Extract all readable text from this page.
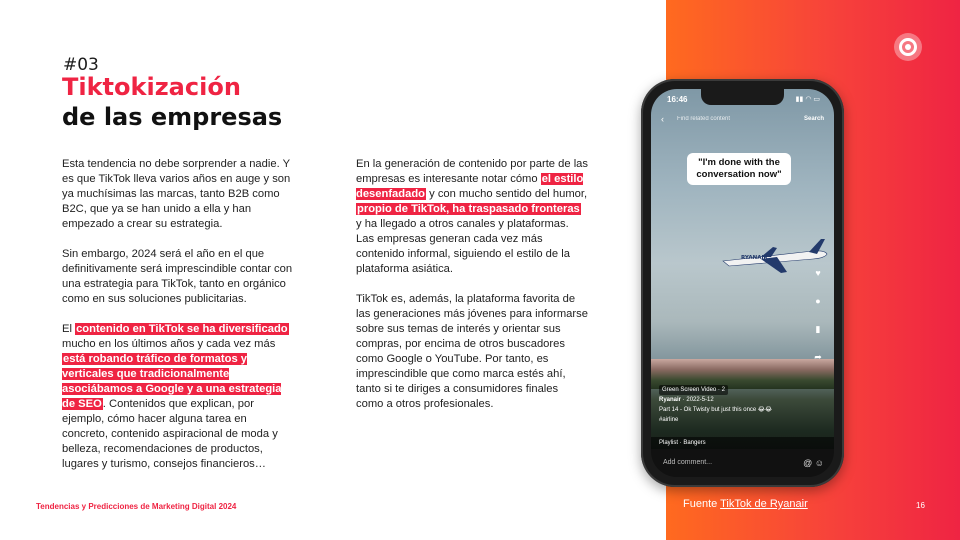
#03
Tiktokización
de las empresas

Esta tendencia no debe sorprender a nadie. Y es que TikTok lleva varios años en auge y son ya muchísimas las marcas, tanto B2B como B2C, que ya se han unido a ella y han empezado a crear su estrategia.

Sin embargo, 2024 será el año en el que definitivamente será imprescindible contar con una estrategia para TikTok, tanto en orgánico como en sus soluciones publicitarias.

El contenido en TikTok se ha diversificado mucho en los últimos años y cada vez más está robando tráfico de formatos y verticales que tradicionalmente asociábamos a Google y a una estrategia de SEO. Contenidos que explican, por ejemplo, cómo hacer alguna tarea en concreto, contenido aspiracional de moda y belleza, recomendaciones de productos, lugares y turismo, consejos financieros…

En la generación de contenido por parte de las empresas es interesante notar cómo el estilo desenfadado y con mucho sentido del humor, propio de TikTok, ha traspasado fronteras y ha llegado a otros canales y plataformas. Las empresas generan cada vez más contenido informal, siguiendo el estilo de la plataforma asiática.

TikTok es, además, la plataforma favorita de las generaciones más jóvenes para informarse sobre sus temas de interés y orientar sus compras, por encima de otros buscadores como Google o YouTube. Por tanto, es imprescindible que como marca estés ahí, tanto si te diriges a consumidores finales como a otros profesionales.

Tendencias y Predicciones de Marketing Digital 2024
16:46	▮▮ ◠ ▭
‹ Find related content	Search
"I'm done with the conversation now"
RYANAIR
♥
●
▮
➦
Green Screen Video · 2
Ryanair · 2022-5-12
Part 14 - Ok Twisty but just this once 😂😂
#airline
Playlist · Bangers
Add comment...	@ ☺
Fuente TikTok de Ryanair	16
